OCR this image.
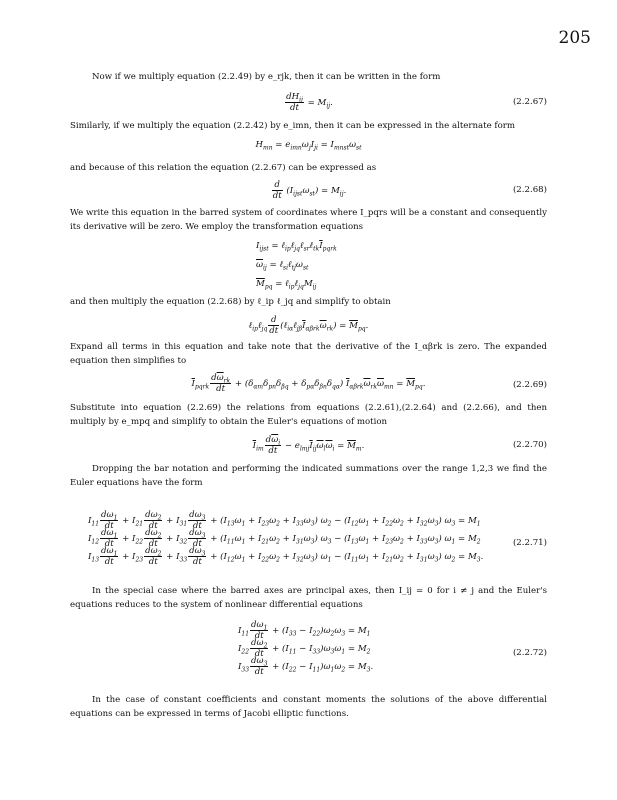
205
Now if we multiply equation (2.2.49) by e_rjk, then it can be written in the form
$\frac{dH_{ij}}{dt} = M_{ij}$.	(2.2.67)
Similarly, if we multiply the equation (2.2.42) by e_imn, then it can be expressed in the alternate form
$H_{mn} = e_{imn}\omega_jI_{ji} = I_{mnst}\omega_{st}$
and because of this relation the equation (2.2.67) can be expressed as
$\frac{d}{dt} (I_{ijst}\omega_{st}) = M_{ij}$.	(2.2.68)
We write this equation in the barred system of coordinates where I_pqrs will be a constant and consequently its derivative will be zero. We employ the transformation equations
$I_{ijst}$ = $\ell_{ip}\ell_{jq}\ell_{sr}\ell_{tk}\overline{I}_{pqrk}$
$\overline{\omega}_{ij}$ = $\ell_{si}\ell_{tj}\omega_{st}$
$\overline{M}_{pq}$ = $\ell_{ip}\ell_{jq}M_{ij}$
and then multiply the equation (2.2.68) by ℓ_ip ℓ_jq and simplify to obtain
ℓ$_{ip}$ℓ$_{jq}$ $\frac{d}{dt}$ $(\ell_{i\alpha}\ell_{j\beta}\overline{I}_{\alpha\beta rk}\overline{\omega}_{rk}) = \overline{M}_{pq}$.
Expand all terms in this equation and take note that the derivative of the I_αβrk is zero. The expanded equation then simplifies to
$\overline{I}_{pqrk} \frac{d\overline{\omega}_{rk}}{dt} + (\delta_{\alpha m}\delta_{pn}\delta_{\beta q} + \delta_{p\alpha}\delta_{\beta n}\delta_{q\alpha}) \overline{I}_{\alpha\beta rk}\overline{\omega}_{rk}\overline{\omega}_{mn} = \overline{M}_{pq}$.	(2.2.69)
Substitute into equation (2.2.69) the relations from equations (2.2.61),(2.2.64) and (2.2.66), and then multiply by e_mpq and simplify to obtain the Euler's equations of motion
$\overline{I}_{im} \frac{d\overline{\omega}_i}{dt} - e_{lmj}\overline{I}_{ij}\overline{\omega}_l\overline{\omega}_i = \overline{M}_m$.	(2.2.70)
Dropping the bar notation and performing the indicated summations over the range 1,2,3 we find the Euler equations have the form
$I_{11} \frac{d\omega_1}{dt} + I_{21} \frac{d\omega_2}{dt} + I_{31} \frac{d\omega_3}{dt} + (I_{13}\omega_1 + I_{23}\omega_2 + I_{33}\omega_3) \omega_2 - (I_{12}\omega_1 + I_{22}\omega_2 + I_{32}\omega_3) \omega_3 = M_1$
$I_{12} \frac{d\omega_1}{dt} + I_{22} \frac{d\omega_2}{dt} + I_{32} \frac{d\omega_3}{dt} + (I_{11}\omega_1 + I_{21}\omega_2 + I_{31}\omega_3) \omega_3 - (I_{13}\omega_1 + I_{23}\omega_2 + I_{33}\omega_3) \omega_1 = M_2$
$I_{13} \frac{d\omega_1}{dt} + I_{23} \frac{d\omega_2}{dt} + I_{33} \frac{d\omega_3}{dt} + (I_{12}\omega_1 + I_{22}\omega_2 + I_{32}\omega_3) \omega_1 - (I_{11}\omega_1 + I_{21}\omega_2 + I_{31}\omega_3) \omega_2 = M_3$.
(2.2.71)
In the special case where the barred axes are principal axes, then I_ij = 0 for i ≠ j and the Euler's equations reduces to the system of nonlinear differential equations
$I_{11} \frac{d\omega_1}{dt} + (I_{33} - I_{22})\omega_2\omega_3 = M_1$
$I_{22} \frac{d\omega_2}{dt} + (I_{11} - I_{33})\omega_3\omega_1 = M_2$
$I_{33} \frac{d\omega_3}{dt} + (I_{22} - I_{11})\omega_1\omega_2 = M_3$.
(2.2.72)
In the case of constant coefficients and constant moments the solutions of the above differential equations can be expressed in terms of Jacobi elliptic functions.
